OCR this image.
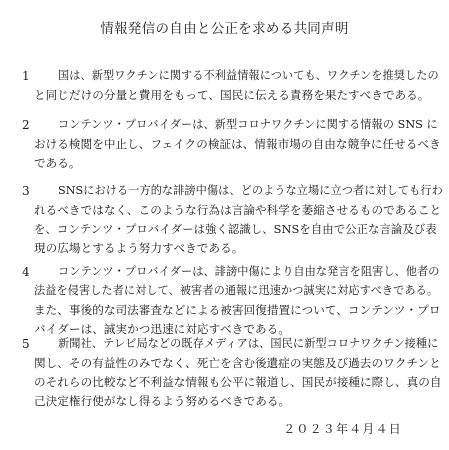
情報発信の自由と公正を求める共同声明
1	国は、新型ワクチンに関する不利益情報についても、ワクチンを推奨したの
と同じだけの分量と費用をもって、国民に伝える責務を果たすべきである。
2	コンテンツ・プロバイダーは、新型コロナワクチンに関する情報の SNS に
おける検閲を中止し、フェイクの検証は、情報市場の自由な競争に任せるべき
である。
3	SNSにおける一方的な誹謗中傷は、どのような立場に立つ者に対しても行わ
れるべきではなく、このような行為は言論や科学を萎縮させるものであること
を、コンテンツ・プロバイダーは強く認識し、SNSを自由で公正な言論及び表
現の広場とするよう努力すべきである。
4	コンテンツ・プロバイダーは、誹謗中傷により自由な発言を阻害し、他者の
法益を侵害した者に対して、被害者の通報に迅速かつ誠実に対応すべきである。
また、事後的な司法審査などによる被害回復措置について、コンテンツ・プロ
バイダーは、誠実かつ迅速に対応すべきである。
5	新聞社、テレビ局などの既存メディアは、国民に新型コロナワクチン接種に
関し、その有益性のみでなく、死亡を含む後遺症の実態及び過去のワクチンと
のそれらの比較など不利益な情報も公平に報道し、国民が接種に際し、真の自
己決定権行使がなし得るよう努めるべきである。
２０２３年４月４日
